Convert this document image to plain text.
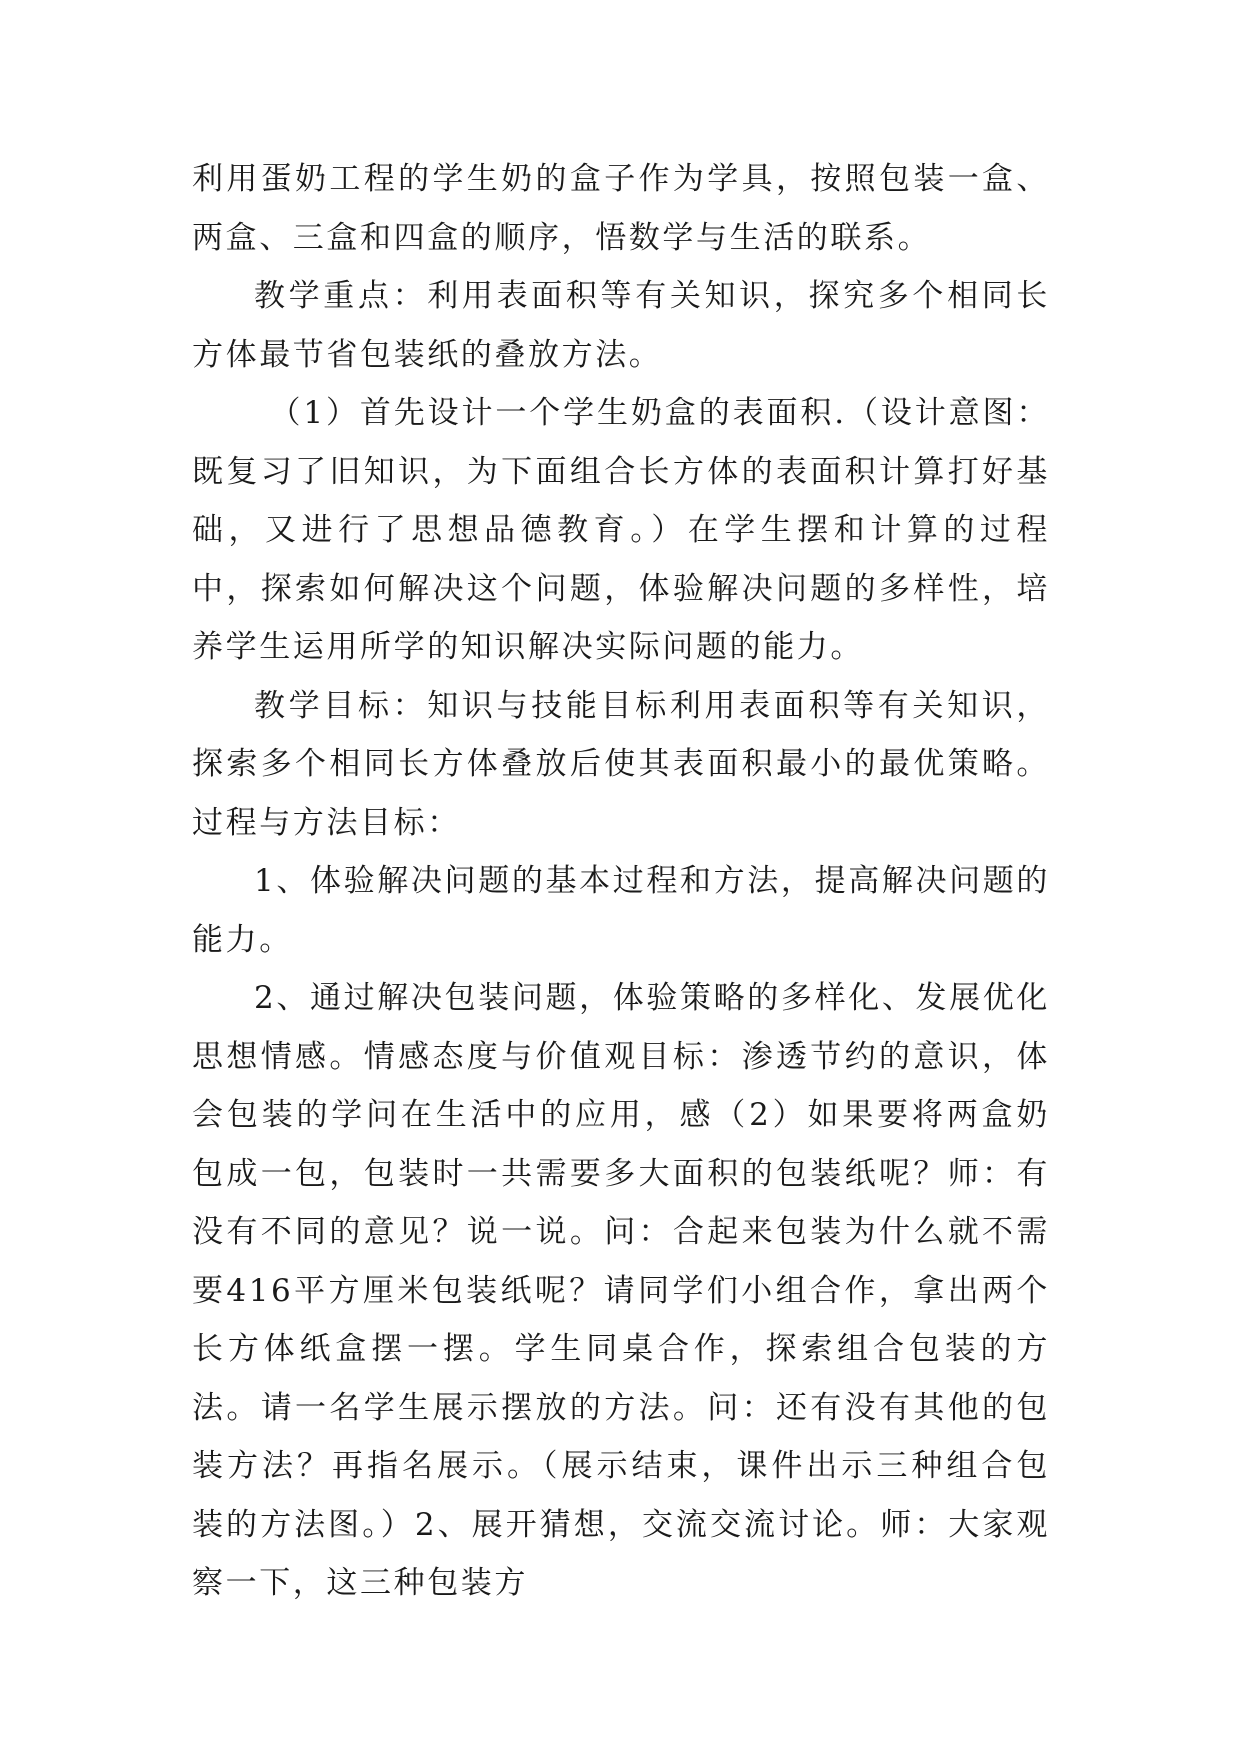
利用蛋奶工程的学生奶的盒子作为学具，按照包装一盒、两盒、三盒和四盒的顺序，悟数学与生活的联系。

教学重点：利用表面积等有关知识，探究多个相同长方体最节省包装纸的叠放方法。

（1）首先设计一个学生奶盒的表面积.（设计意图：既复习了旧知识，为下面组合长方体的表面积计算打好基础，又进行了思想品德教育。）在学生摆和计算的过程中，探索如何解决这个问题，体验解决问题的多样性，培养学生运用所学的知识解决实际问题的能力。

教学目标：知识与技能目标利用表面积等有关知识，探索多个相同长方体叠放后使其表面积最小的最优策略。过程与方法目标：

1、体验解决问题的基本过程和方法，提高解决问题的能力。

2、通过解决包装问题，体验策略的多样化、发展优化思想情感。情感态度与价值观目标：渗透节约的意识，体会包装的学问在生活中的应用，感（2）如果要将两盒奶包成一包，包装时一共需要多大面积的包装纸呢？师：有没有不同的意见？说一说。问：合起来包装为什么就不需要416平方厘米包装纸呢？请同学们小组合作，拿出两个长方体纸盒摆一摆。学生同桌合作，探索组合包装的方法。请一名学生展示摆放的方法。问：还有没有其他的包装方法？再指名展示。（展示结束，课件出示三种组合包装的方法图。）2、展开猜想，交流交流讨论。师：大家观察一下，这三种包装方
